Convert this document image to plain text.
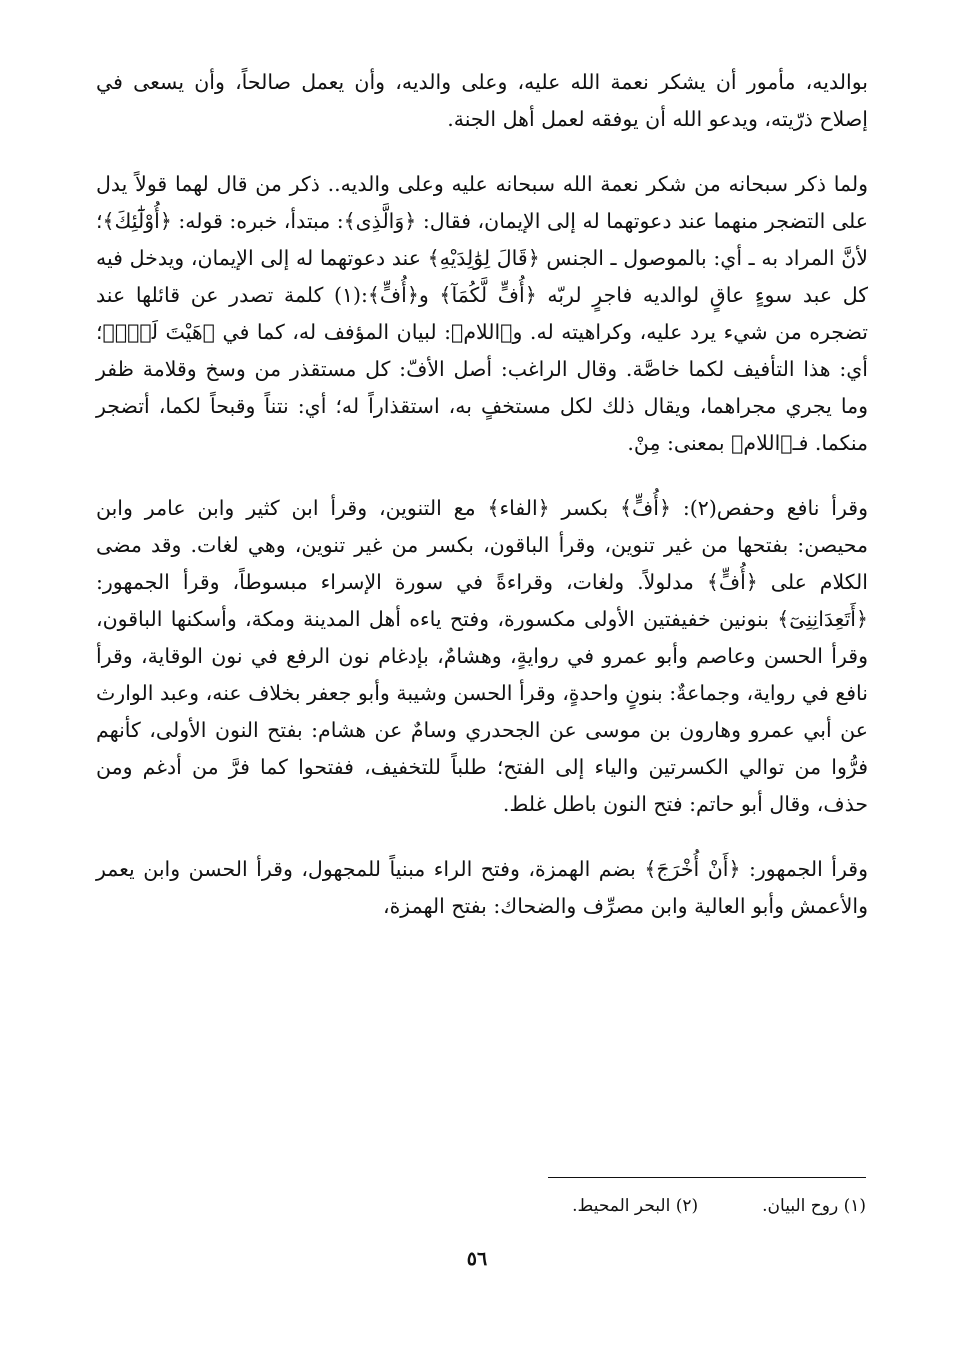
بوالديه، مأمور أن يشكر نعمة الله عليه، وعلى والديه، وأن يعمل صالحاً، وأن يسعى في إصلاح ذرّيته، ويدعو الله أن يوفقه لعمل أهل الجنة.

ولما ذكر سبحانه من شكر نعمة الله سبحانه عليه وعلى والديه.. ذكر من قال لهما قولاً يدل على التضجر منهما عند دعوتهما له إلى الإيمان، فقال: ﴿وَالَّذِى﴾: مبتدأ، خبره: قوله: ﴿أُوْلَٰٓئِكَ﴾؛ لأنَّ المراد به ـ أي: بالموصول ـ الجنس ﴿قَالَ لِوَٰلِدَيْهِ﴾ عند دعوتهما له إلى الإيمان، ويدخل فيه كل عبد سوءٍ عاقٍ لوالديه فاجرٍ لربّه ﴿أُفٍّ لَّكُمَآ﴾ و﴿أُفٍّ﴾:(١) كلمة تصدر عن قائلها عند تضجره من شيء يرد عليه، وكراهيته له. و﴿اللام﴾: لبيان المؤفف له، كما في ﴿هَيْتَ لَكَۚ﴾؛ أي: هذا التأفيف لكما خاصَّة. وقال الراغب: أصل الأفّ: كل مستقذر من وسخ وقلامة ظفر وما يجري مجراهما، ويقال ذلك لكل مستخفٍ به، استقذاراً له؛ أي: نتناً وقبحاً لكما، أتضجر منكما. فـ﴿اللام﴾ بمعنى: مِنْ.

وقرأ نافع وحفص(٢): ﴿أُفٍّ﴾ بكسر ﴿الفاء﴾ مع التنوين، وقرأ ابن كثير وابن عامر وابن محيصن: بفتحها من غير تنوين، وقرأ الباقون، بكسر من غير تنوين، وهي لغات. وقد مضى الكلام على ﴿أُفٍّ﴾ مدلولاً. ولغات، وقراءةً في سورة الإسراء مبسوطاً، وقرأ الجمهور: ﴿أَتَعِدَانِنِىٓ﴾ بنونين خفيفتين الأولى مكسورة، وفتح ياءه أهل المدينة ومكة، وأسكنها الباقون، وقرأ الحسن وعاصم وأبو عمرو في روايةٍ، وهشامٌ، بإدغام نون الرفع في نون الوقاية، وقرأ نافع في رواية، وجماعةٌ: بنونٍ واحدةٍ، وقرأ الحسن وشيبة وأبو جعفر بخلاف عنه، وعبد الوارث عن أبي عمرو وهارون بن موسى عن الجحدري وسامٌ عن هشام: بفتح النون الأولى، كأنهم فرُّوا من توالي الكسرتين والياء إلى الفتح؛ طلباً للتخفيف، ففتحوا كما فرَّ من أدغم ومن حذف، وقال أبو حاتم: فتح النون باطل غلط.

وقرأ الجمهور: ﴿أَنْ أُخْرَجَ﴾ بضم الهمزة، وفتح الراء مبنياً للمجهول، وقرأ الحسن وابن يعمر والأعمش وأبو العالية وابن مصرِّف والضحاك: بفتح الهمزة،

(١) روح البيان.
(٢) البحر المحيط.
٥٦
